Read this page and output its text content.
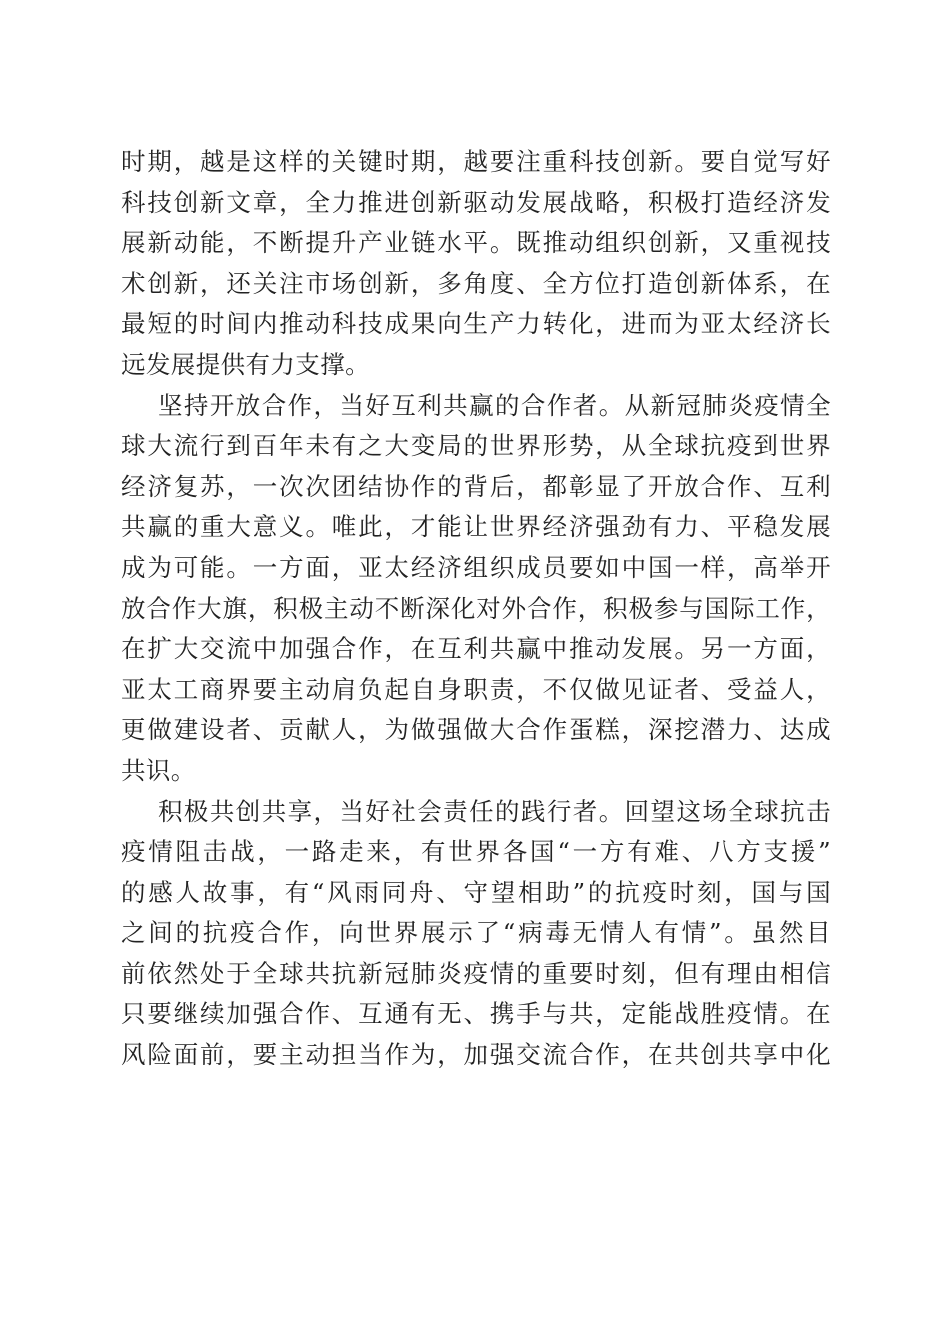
时期，越是这样的关键时期，越要注重科技创新。要自觉写好
科技创新文章，全力推进创新驱动发展战略，积极打造经济发
展新动能，不断提升产业链水平。既推动组织创新，又重视技
术创新，还关注市场创新，多角度、全方位打造创新体系，在
最短的时间内推动科技成果向生产力转化，进而为亚太经济长
远发展提供有力支撑。
坚持开放合作，当好互利共赢的合作者。从新冠肺炎疫情全
球大流行到百年未有之大变局的世界形势，从全球抗疫到世界
经济复苏，一次次团结协作的背后，都彰显了开放合作、互利
共赢的重大意义。唯此，才能让世界经济强劲有力、平稳发展
成为可能。一方面，亚太经济组织成员要如中国一样，高举开
放合作大旗，积极主动不断深化对外合作，积极参与国际工作，
在扩大交流中加强合作，在互利共赢中推动发展。另一方面，
亚太工商界要主动肩负起自身职责，不仅做见证者、受益人，
更做建设者、贡献人，为做强做大合作蛋糕，深挖潜力、达成
共识。
积极共创共享，当好社会责任的践行者。回望这场全球抗击
疫情阻击战，一路走来，有世界各国“一方有难、八方支援”
的感人故事，有“风雨同舟、守望相助”的抗疫时刻，国与国
之间的抗疫合作，向世界展示了“病毒无情人有情”。虽然目
前依然处于全球共抗新冠肺炎疫情的重要时刻，但有理由相信
只要继续加强合作、互通有无、携手与共，定能战胜疫情。在
风险面前，要主动担当作为，加强交流合作，在共创共享中化
